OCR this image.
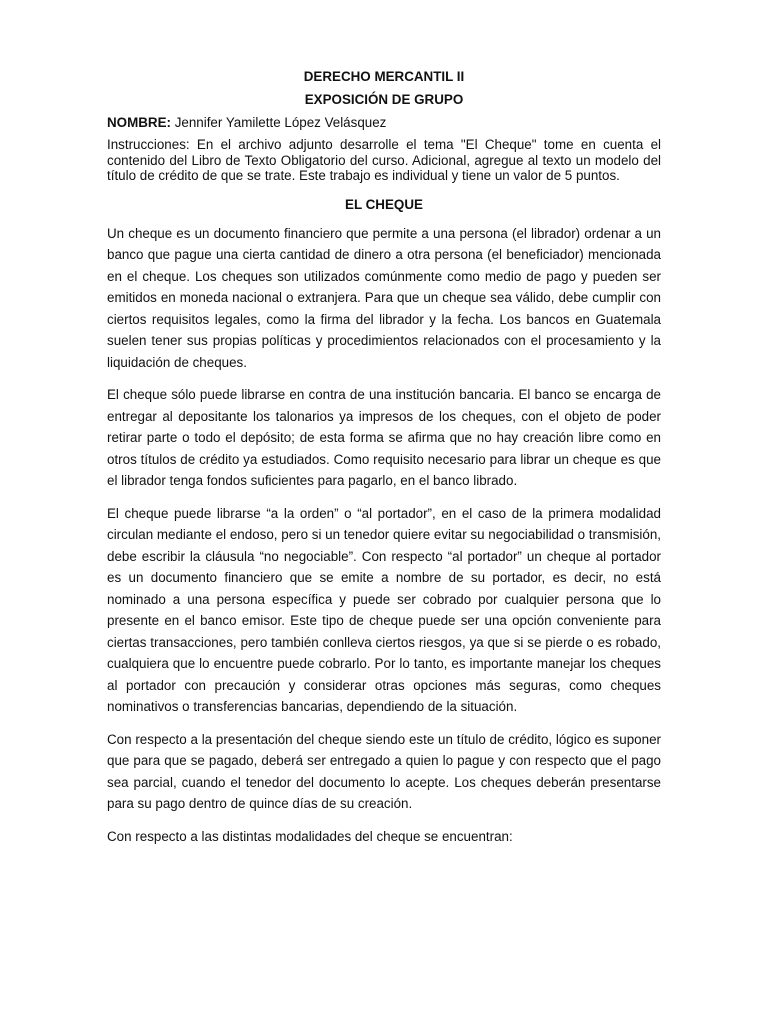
DERECHO MERCANTIL II
EXPOSICIÓN DE GRUPO
NOMBRE: Jennifer Yamilette López Velásquez
Instrucciones: En el archivo adjunto desarrolle el tema "El Cheque" tome en cuenta el contenido del Libro de Texto Obligatorio del curso. Adicional, agregue al texto un modelo del título de crédito de que se trate. Este trabajo es individual y tiene un valor de 5 puntos.
EL CHEQUE

Un cheque es un documento financiero que permite a una persona (el librador) ordenar a un banco que pague una cierta cantidad de dinero a otra persona (el beneficiador) mencionada en el cheque. Los cheques son utilizados comúnmente como medio de pago y pueden ser emitidos en moneda nacional o extranjera. Para que un cheque sea válido, debe cumplir con ciertos requisitos legales, como la firma del librador y la fecha. Los bancos en Guatemala suelen tener sus propias políticas y procedimientos relacionados con el procesamiento y la liquidación de cheques.

El cheque sólo puede librarse en contra de una institución bancaria. El banco se encarga de entregar al depositante los talonarios ya impresos de los cheques, con el objeto de poder retirar parte o todo el depósito; de esta forma se afirma que no hay creación libre como en otros títulos de crédito ya estudiados. Como requisito necesario para librar un cheque es que el librador tenga fondos suficientes para pagarlo, en el banco librado.

El cheque puede librarse “a la orden” o “al portador”, en el caso de la primera modalidad circulan mediante el endoso, pero si un tenedor quiere evitar su negociabilidad o transmisión, debe escribir la cláusula “no negociable”. Con respecto “al portador” un cheque al portador es un documento financiero que se emite a nombre de su portador, es decir, no está nominado a una persona específica y puede ser cobrado por cualquier persona que lo presente en el banco emisor. Este tipo de cheque puede ser una opción conveniente para ciertas transacciones, pero también conlleva ciertos riesgos, ya que si se pierde o es robado, cualquiera que lo encuentre puede cobrarlo. Por lo tanto, es importante manejar los cheques al portador con precaución y considerar otras opciones más seguras, como cheques nominativos o transferencias bancarias, dependiendo de la situación.

Con respecto a la presentación del cheque siendo este un título de crédito, lógico es suponer que para que se pagado, deberá ser entregado a quien lo pague y con respecto que el pago sea parcial, cuando el tenedor del documento lo acepte. Los cheques deberán presentarse para su pago dentro de quince días de su creación.

Con respecto a las distintas modalidades del cheque se encuentran:
